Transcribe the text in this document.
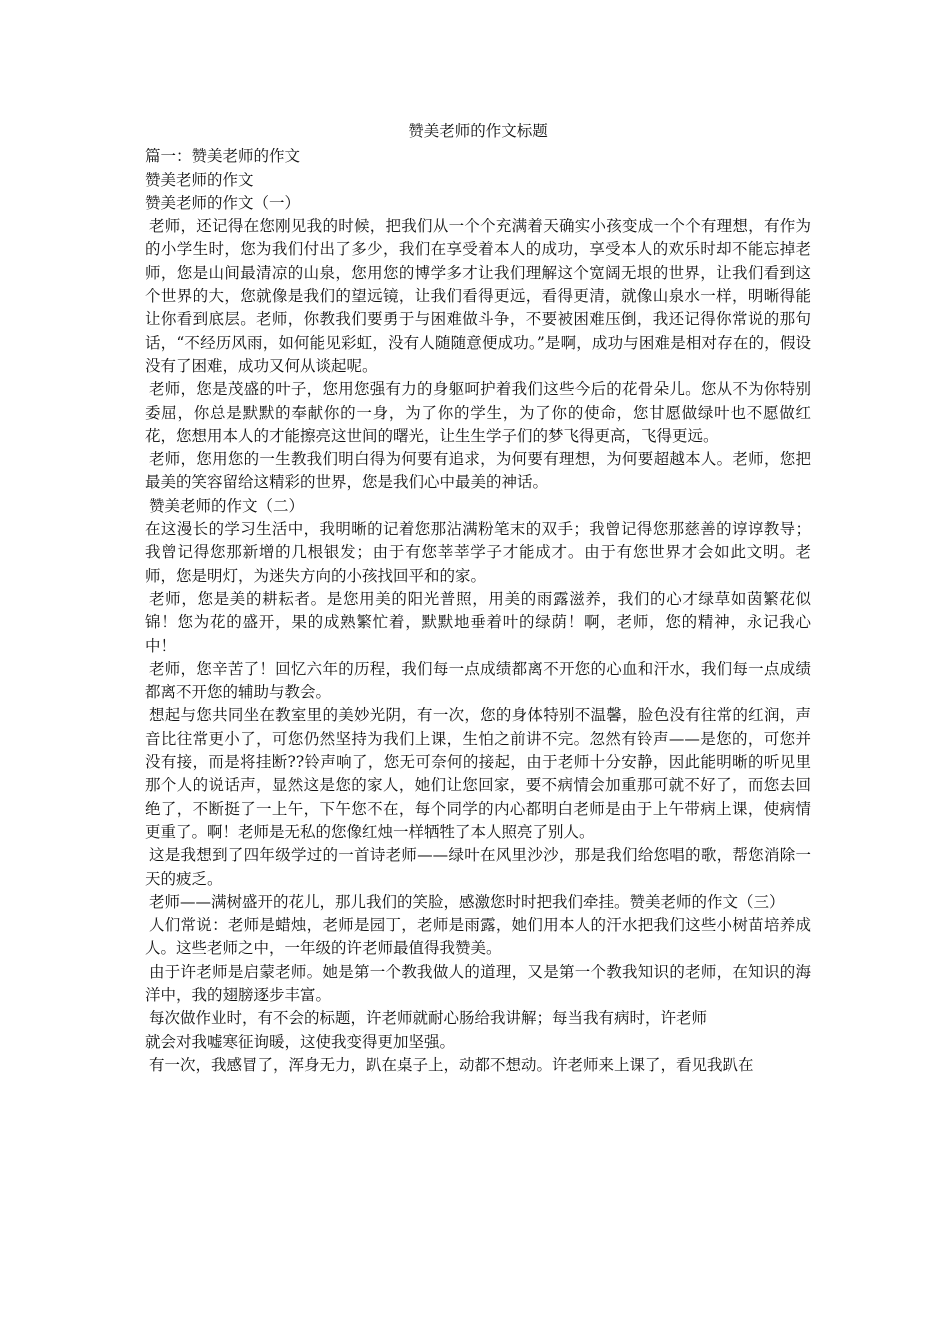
赞美老师的作文标题

篇一：赞美老师的作文

赞美老师的作文

赞美老师的作文（一）

老师，还记得在您刚见我的时候，把我们从一个个充满着天确实小孩变成一个个有理想，有作为的小学生时，您为我们付出了多少，我们在享受着本人的成功，享受本人的欢乐时却不能忘掉老师，您是山间最清凉的山泉，您用您的博学多才让我们理解这个宽阔无垠的世界，让我们看到这个世界的大，您就像是我们的望远镜，让我们看得更远，看得更清，就像山泉水一样，明晰得能让你看到底层。老师，你教我们要勇于与困难做斗争，不要被困难压倒，我还记得你常说的那句话，“不经历风雨，如何能见彩虹，没有人随随意便成功。”是啊，成功与困难是相对存在的，假设没有了困难，成功又何从谈起呢。

老师，您是茂盛的叶子，您用您强有力的身躯呵护着我们这些今后的花骨朵儿。您从不为你特别委屈，你总是默默的奉献你的一身，为了你的学生，为了你的使命，您甘愿做绿叶也不愿做红花，您想用本人的才能擦亮这世间的曙光，让生生学子们的梦飞得更高，飞得更远。

老师，您用您的一生教我们明白得为何要有追求，为何要有理想，为何要超越本人。老师，您把最美的笑容留给这精彩的世界，您是我们心中最美的神话。

赞美老师的作文（二）

在这漫长的学习生活中，我明晰的记着您那沾满粉笔末的双手；我曾记得您那慈善的谆谆教导；我曾记得您那新增的几根银发；由于有您莘莘学子才能成才。由于有您世界才会如此文明。老师，您是明灯，为迷失方向的小孩找回平和的家。

老师，您是美的耕耘者。是您用美的阳光普照，用美的雨露滋养，我们的心才绿草如茵繁花似锦！您为花的盛开，果的成熟繁忙着，默默地垂着叶的绿荫！啊，老师，您的精神，永记我心中！

老师，您辛苦了！回忆六年的历程，我们每一点成绩都离不开您的心血和汗水，我们每一点成绩都离不开您的辅助与教会。

想起与您共同坐在教室里的美妙光阴，有一次，您的身体特别不温馨，脸色没有往常的红润，声音比往常更小了，可您仍然坚持为我们上课，生怕之前讲不完。忽然有铃声——是您的，可您并没有接，而是将挂断??铃声响了，您无可奈何的接起，由于老师十分安静，因此能明晰的听见里那个人的说话声，显然这是您的家人，她们让您回家，要不病情会加重那可就不好了，而您去回绝了，不断挺了一上午，下午您不在，每个同学的内心都明白老师是由于上午带病上课，使病情更重了。啊！老师是无私的您像红烛一样牺牲了本人照亮了别人。

这是我想到了四年级学过的一首诗老师——绿叶在风里沙沙，那是我们给您唱的歌，帮您消除一天的疲乏。

老师——满树盛开的花儿，那儿我们的笑脸，感激您时时把我们牵挂。赞美老师的作文（三）

人们常说：老师是蜡烛，老师是园丁，老师是雨露，她们用本人的汗水把我们这些小树苗培养成人。这些老师之中，一年级的许老师最值得我赞美。

由于许老师是启蒙老师。她是第一个教我做人的道理，又是第一个教我知识的老师，在知识的海洋中，我的翅膀逐步丰富。

每次做作业时，有不会的标题，许老师就耐心肠给我讲解；每当我有病时，许老师

就会对我嘘寒征询暖，这使我变得更加坚强。

有一次，我感冒了，浑身无力，趴在桌子上，动都不想动。许老师来上课了，看见我趴在
